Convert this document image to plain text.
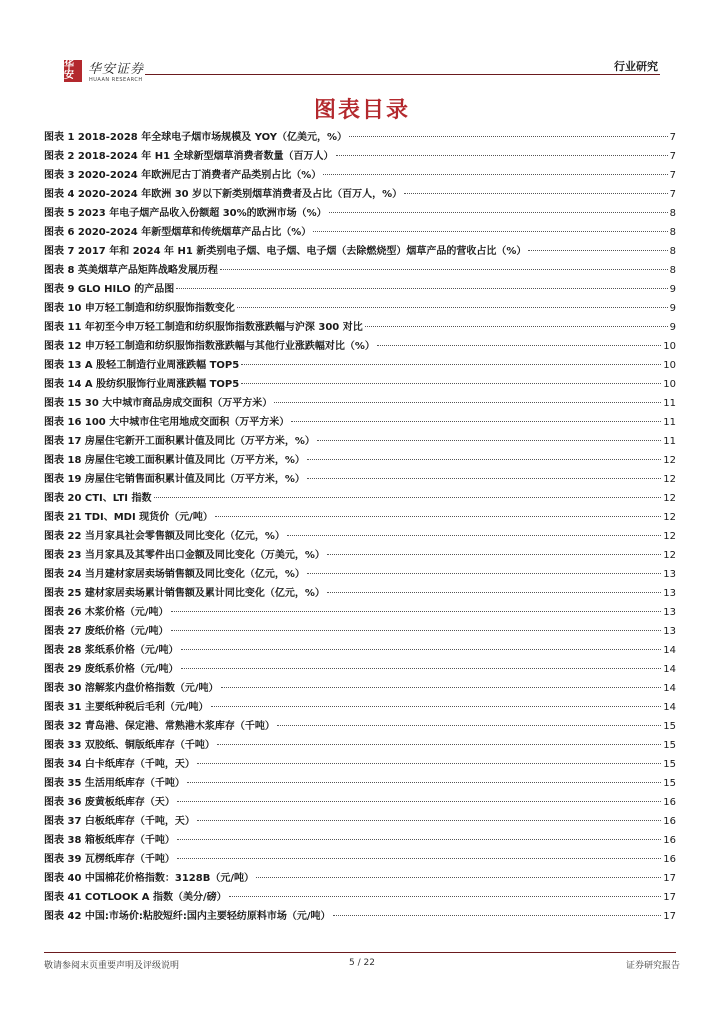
华安	华安证券
HUAAN RESEARCH
行业研究
图表目录
图表 1 2018-2028 年全球电子烟市场规模及 YOY（亿美元，%）	7
图表 2 2018-2024 年 H1 全球新型烟草消费者数量（百万人）	7
图表 3 2020-2024 年欧洲尼古丁消费者产品类别占比（%）	7
图表 4 2020-2024 年欧洲 30 岁以下新类别烟草消费者及占比（百万人，%）	7
图表 5 2023 年电子烟产品收入份额超 30%的欧洲市场（%）	8
图表 6 2020-2024 年新型烟草和传统烟草产品占比（%）	8
图表 7 2017 年和 2024 年 H1 新类别电子烟、电子烟、电子烟（去除燃烧型）烟草产品的营收占比（%）	8
图表 8 英美烟草产品矩阵战略发展历程	8
图表 9 GLO HILO 的产品图	9
图表 10 申万轻工制造和纺织服饰指数变化	9
图表 11 年初至今申万轻工制造和纺织服饰指数涨跌幅与沪深 300 对比	9
图表 12 申万轻工制造和纺织服饰指数涨跌幅与其他行业涨跌幅对比（%）	10
图表 13 A 股轻工制造行业周涨跌幅 TOP5	10
图表 14 A 股纺织服饰行业周涨跌幅 TOP5	10
图表 15 30 大中城市商品房成交面积（万平方米）	11
图表 16 100 大中城市住宅用地成交面积（万平方米）	11
图表 17 房屋住宅新开工面积累计值及同比（万平方米，%）	11
图表 18 房屋住宅竣工面积累计值及同比（万平方米，%）	12
图表 19 房屋住宅销售面积累计值及同比（万平方米，%）	12
图表 20 CTI、LTI 指数	12
图表 21 TDI、MDI 现货价（元/吨）	12
图表 22 当月家具社会零售额及同比变化（亿元，%）	12
图表 23 当月家具及其零件出口金额及同比变化（万美元，%）	12
图表 24 当月建材家居卖场销售额及同比变化（亿元，%）	13
图表 25 建材家居卖场累计销售额及累计同比变化（亿元，%）	13
图表 26 木浆价格（元/吨）	13
图表 27 废纸价格（元/吨）	13
图表 28 浆纸系价格（元/吨）	14
图表 29 废纸系价格（元/吨）	14
图表 30 溶解浆内盘价格指数（元/吨）	14
图表 31 主要纸种税后毛利（元/吨）	14
图表 32 青岛港、保定港、常熟港木浆库存（千吨）	15
图表 33 双胶纸、铜版纸库存（千吨）	15
图表 34 白卡纸库存（千吨，天）	15
图表 35 生活用纸库存（千吨）	15
图表 36 废黄板纸库存（天）	16
图表 37 白板纸库存（千吨，天）	16
图表 38 箱板纸库存（千吨）	16
图表 39 瓦楞纸库存（千吨）	16
图表 40 中国棉花价格指数：3128B（元/吨）	17
图表 41 COTLOOK A 指数（美分/磅）	17
图表 42 中国:市场价:粘胶短纤:国内主要轻纺原料市场（元/吨）	17
敬请参阅末页重要声明及评级说明	5 / 22	证券研究报告
